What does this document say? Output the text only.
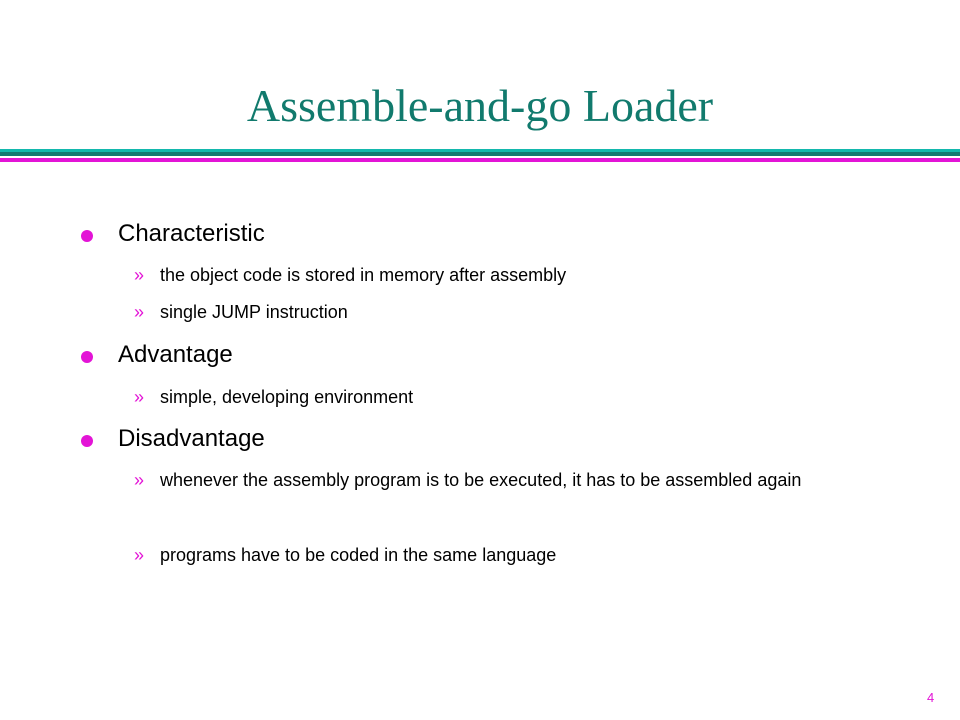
Assemble-and-go Loader
Characteristic
» the object code is stored in memory after assembly
» single JUMP instruction
Advantage
» simple, developing environment
Disadvantage
» whenever the assembly program is to be executed, it has to be assembled again
» programs have to be coded in the same language
4
